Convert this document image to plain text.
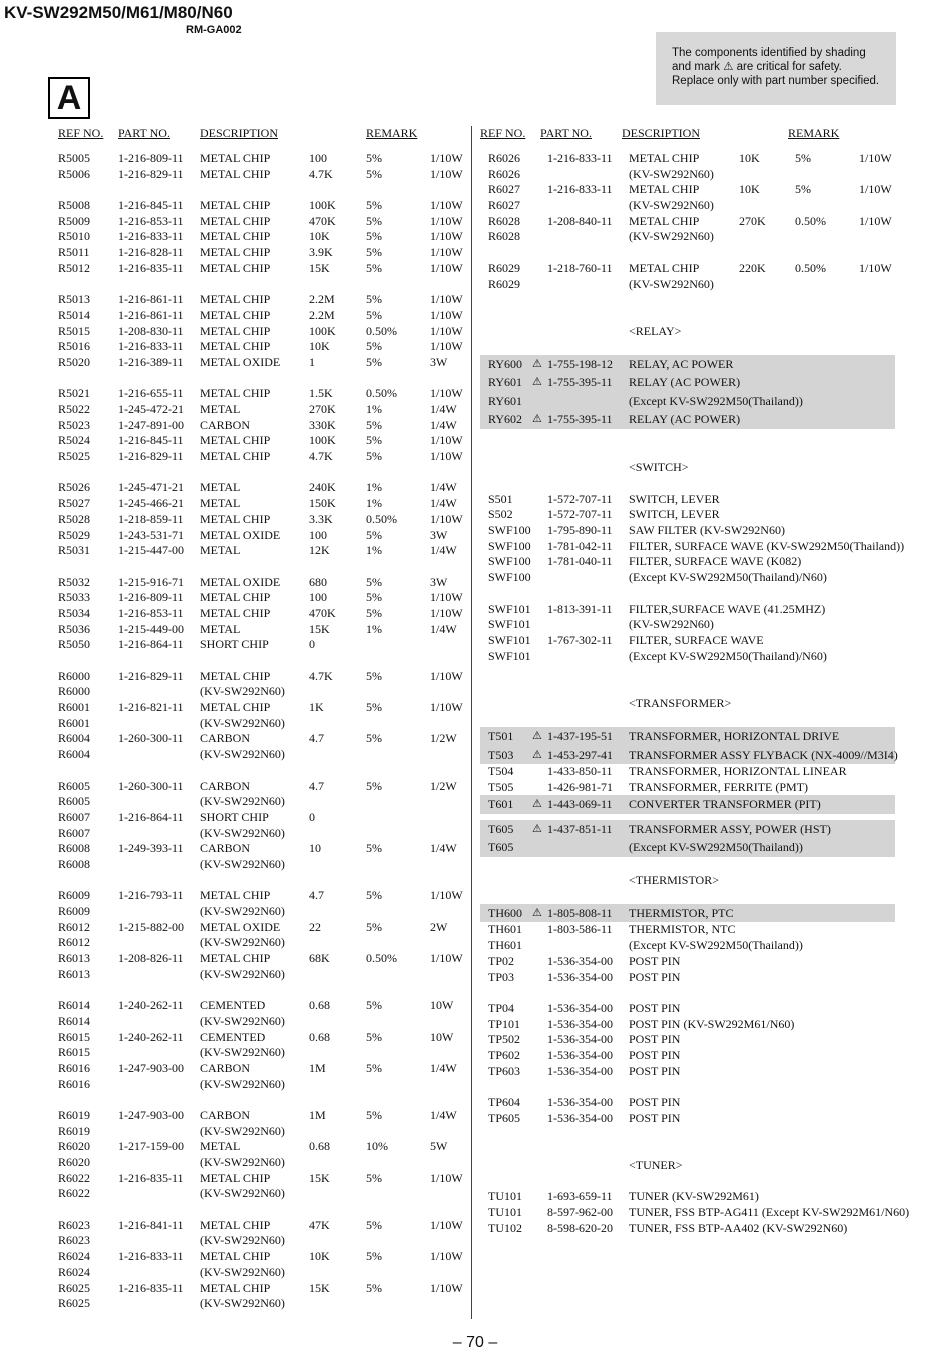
KV-SW292M50/M61/M80/N60
RM-GA002
The components identified by shading
and mark ⚠ are critical for safety.
Replace only with part number specified.
A
REF NO. PART NO.	DESCRIPTION	REMARK
R5005 1-216-809-11 METAL CHIP	100	5%	1/10W
R5006 1-216-829-11 METAL CHIP	4.7K	5%	1/10W
R5008 1-216-845-11 METAL CHIP	100K	5%	1/10W
R5009 1-216-853-11 METAL CHIP	470K	5%	1/10W
R5010 1-216-833-11 METAL CHIP	10K	5%	1/10W
R5011 1-216-828-11 METAL CHIP	3.9K	5%	1/10W
R5012 1-216-835-11 METAL CHIP	15K	5%	1/10W
R5013 1-216-861-11 METAL CHIP	2.2M	5%	1/10W
R5014 1-216-861-11 METAL CHIP	2.2M	5%	1/10W
R5015 1-208-830-11 METAL CHIP	100K	0.50%	1/10W
R5016 1-216-833-11 METAL CHIP	10K	5%	1/10W
R5020 1-216-389-11 METAL OXIDE 1	5%	3W
R5021 1-216-655-11 METAL CHIP	1.5K	0.50%	1/10W
R5022 1-245-472-21 METAL	270K	1%	1/4W
R5023 1-247-891-00 CARBON	330K	5%	1/4W
R5024 1-216-845-11 METAL CHIP	100K	5%	1/10W
R5025 1-216-829-11 METAL CHIP	4.7K	5%	1/10W
R5026 1-245-471-21 METAL	240K	1%	1/4W
R5027 1-245-466-21 METAL	150K	1%	1/4W
R5028 1-218-859-11 METAL CHIP	3.3K	0.50%	1/10W
R5029 1-243-531-71 METAL OXIDE 100	5%	3W
R5031 1-215-447-00 METAL	12K	1%	1/4W
R5032 1-215-916-71 METAL OXIDE 680	5%	3W
R5033 1-216-809-11 METAL CHIP	100	5%	1/10W
R5034 1-216-853-11 METAL CHIP	470K	5%	1/10W
R5036 1-215-449-00 METAL	15K	1%	1/4W
R5050 1-216-864-11 SHORT CHIP	0
R6000 1-216-829-11 METAL CHIP	4.7K	5%	1/10W
R6000	(KV-SW292N60)
R6001 1-216-821-11 METAL CHIP	1K	5%	1/10W
R6001	(KV-SW292N60)
R6004 1-260-300-11 CARBON	4.7	5%	1/2W
R6004	(KV-SW292N60)
R6005 1-260-300-11 CARBON	4.7	5%	1/2W
R6005	(KV-SW292N60)
R6007 1-216-864-11 SHORT CHIP	0
R6007	(KV-SW292N60)
R6008 1-249-393-11 CARBON	10	5%	1/4W
R6008	(KV-SW292N60)
R6009 1-216-793-11 METAL CHIP	4.7	5%	1/10W
R6009	(KV-SW292N60)
R6012 1-215-882-00 METAL OXIDE 22	5%	2W
R6012	(KV-SW292N60)
R6013 1-208-826-11 METAL CHIP	68K	0.50%	1/10W
R6013	(KV-SW292N60)
R6014 1-240-262-11 CEMENTED	0.68	5%	10W
R6014	(KV-SW292N60)
R6015 1-240-262-11 CEMENTED	0.68	5%	10W
R6015	(KV-SW292N60)
R6016 1-247-903-00 CARBON	1M	5%	1/4W
R6016	(KV-SW292N60)
R6019 1-247-903-00 CARBON	1M	5%	1/4W
R6019	(KV-SW292N60)
R6020 1-217-159-00 METAL	0.68	10%	5W
R6020	(KV-SW292N60)
R6022 1-216-835-11 METAL CHIP	15K	5%	1/10W
R6022	(KV-SW292N60)
R6023 1-216-841-11 METAL CHIP	47K	5%	1/10W
R6023	(KV-SW292N60)
R6024 1-216-833-11 METAL CHIP	10K	5%	1/10W
R6024	(KV-SW292N60)
R6025 1-216-835-11 METAL CHIP	15K	5%	1/10W
R6025	(KV-SW292N60)
REF NO. PART NO.	DESCRIPTION	REMARK
R6026 1-216-833-11 METAL CHIP	10K	5%	1/10W
R6026	(KV-SW292N60)
R6027 1-216-833-11 METAL CHIP	10K	5%	1/10W
R6027	(KV-SW292N60)
R6028 1-208-840-11 METAL CHIP	270K 0.50%	1/10W
R6028	(KV-SW292N60)
R6029 1-218-760-11 METAL CHIP	220K 0.50%	1/10W
R6029	(KV-SW292N60)
<RELAY>
RY600 ⚠ 1-755-198-12 RELAY, AC POWER
RY601 ⚠ 1-755-395-11 RELAY (AC POWER)
RY601	(Except KV-SW292M50(Thailand))
RY602 ⚠ 1-755-395-11 RELAY (AC POWER)
<SWITCH>
S501	1-572-707-11 SWITCH, LEVER
S502	1-572-707-11 SWITCH, LEVER
SWF100 1-795-890-11 SAW FILTER (KV-SW292N60)
SWF100 1-781-042-11 FILTER, SURFACE WAVE (KV-SW292M50(Thailand))
SWF100 1-781-040-11 FILTER, SURFACE WAVE (K082)
SWF100	(Except KV-SW292M50(Thailand)/N60)
SWF101 1-813-391-11 FILTER,SURFACE WAVE (41.25MHZ)
SWF101	(KV-SW292N60)
SWF101 1-767-302-11 FILTER, SURFACE WAVE
SWF101	(Except KV-SW292M50(Thailand)/N60)
<TRANSFORMER>
T501 ⚠ 1-437-195-51 TRANSFORMER, HORIZONTAL DRIVE
T503 ⚠ 1-453-297-41 TRANSFORMER ASSY FLYBACK (NX-4009//M3I4)
T504	1-433-850-11 TRANSFORMER, HORIZONTAL LINEAR
T505	1-426-981-71 TRANSFORMER, FERRITE (PMT)
T601 ⚠ 1-443-069-11 CONVERTER TRANSFORMER (PIT)
T605 ⚠ 1-437-851-11 TRANSFORMER ASSY, POWER (HST)
T605	(Except KV-SW292M50(Thailand))
<THERMISTOR>
TH600 ⚠ 1-805-808-11 THERMISTOR, PTC
TH601 1-803-586-11 THERMISTOR, NTC
TH601	(Except KV-SW292M50(Thailand))
TP02	1-536-354-00 POST PIN
TP03	1-536-354-00 POST PIN
TP04	1-536-354-00 POST PIN
TP101 1-536-354-00 POST PIN (KV-SW292M61/N60)
TP502 1-536-354-00 POST PIN
TP602 1-536-354-00 POST PIN
TP603 1-536-354-00 POST PIN
TP604 1-536-354-00 POST PIN
TP605 1-536-354-00 POST PIN
<TUNER>
TU101 1-693-659-11 TUNER (KV-SW292M61)
TU101 8-597-962-00 TUNER, FSS BTP-AG411 (Except KV-SW292M61/N60)
TU102 8-598-620-20 TUNER, FSS BTP-AA402 (KV-SW292N60)
– 70 –
